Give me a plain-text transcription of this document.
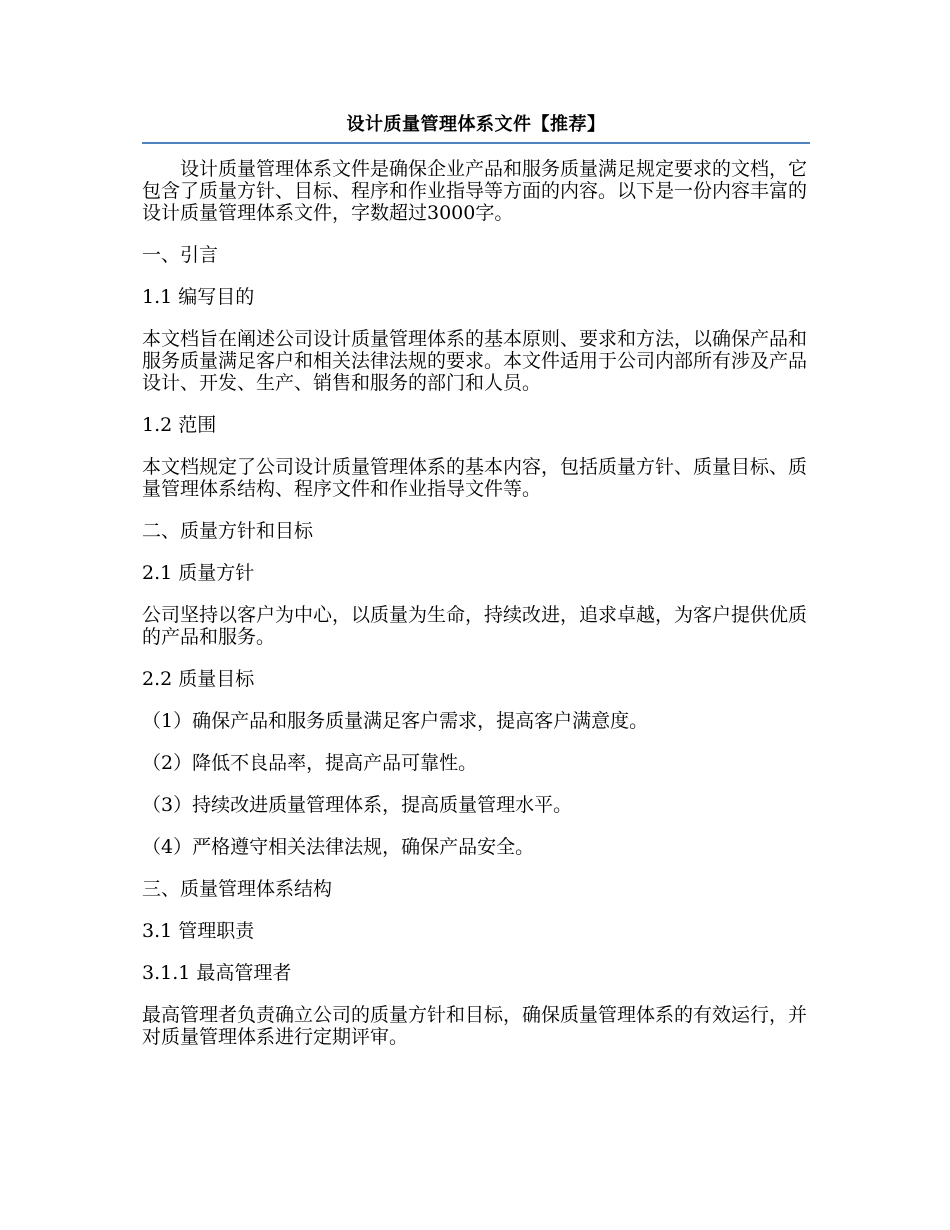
设计质量管理体系文件【推荐】

设计质量管理体系文件是确保企业产品和服务质量满足规定要求的文档，它包含了质量方针、目标、程序和作业指导等方面的内容。以下是一份内容丰富的设计质量管理体系文件，字数超过3000字。

一、引言

1.1 编写目的

本文档旨在阐述公司设计质量管理体系的基本原则、要求和方法，以确保产品和服务质量满足客户和相关法律法规的要求。本文件适用于公司内部所有涉及产品设计、开发、生产、销售和服务的部门和人员。

1.2 范围

本文档规定了公司设计质量管理体系的基本内容，包括质量方针、质量目标、质量管理体系结构、程序文件和作业指导文件等。

二、质量方针和目标

2.1 质量方针

公司坚持以客户为中心，以质量为生命，持续改进，追求卓越，为客户提供优质的产品和服务。

2.2 质量目标

（1）确保产品和服务质量满足客户需求，提高客户满意度。

（2）降低不良品率，提高产品可靠性。

（3）持续改进质量管理体系，提高质量管理水平。

（4）严格遵守相关法律法规，确保产品安全。

三、质量管理体系结构

3.1 管理职责

3.1.1 最高管理者

最高管理者负责确立公司的质量方针和目标，确保质量管理体系的有效运行，并对质量管理体系进行定期评审。
